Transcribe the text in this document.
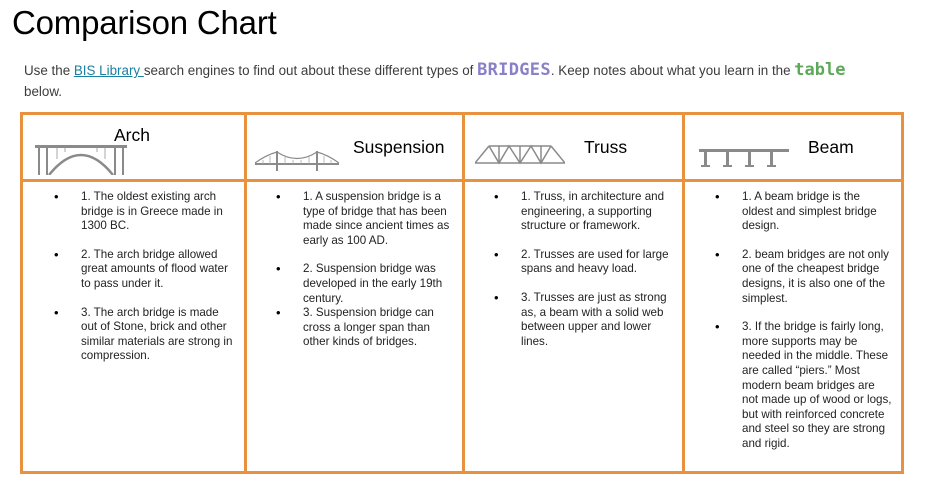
Comparison Chart
Use the BIS Library search engines to find out about these different types of BRIDGES. Keep notes about what you learn in the table
below.
Arch
Suspension	Truss	Beam
• 1. The oldest existing arch bridge is in Greece made in 1300 BC.
• 2. The arch bridge allowed great amounts of flood water to pass under it.
• 3. The arch bridge is made out of Stone, brick and other similar materials are strong in compression.
• 1. A suspension bridge is a type of bridge that has been made since ancient times as early as 100 AD.
• 2. Suspension bridge was developed in the early 19th century.
• 3. Suspension bridge can cross a longer span than other kinds of bridges.
• 1. Truss, in architecture and engineering, a supporting structure or framework.
• 2. Trusses are used for large spans and heavy load.
• 3. Trusses are just as strong as, a beam with a solid web between upper and lower lines.
• 1. A beam bridge is the oldest and simplest bridge design.
• 2. beam bridges are not only one of the cheapest bridge designs, it is also one of the simplest.
• 3. If the bridge is fairly long, more supports may be needed in the middle. These are called “piers.” Most modern beam bridges are not made up of wood or logs, but with reinforced concrete and steel so they are strong and rigid.
